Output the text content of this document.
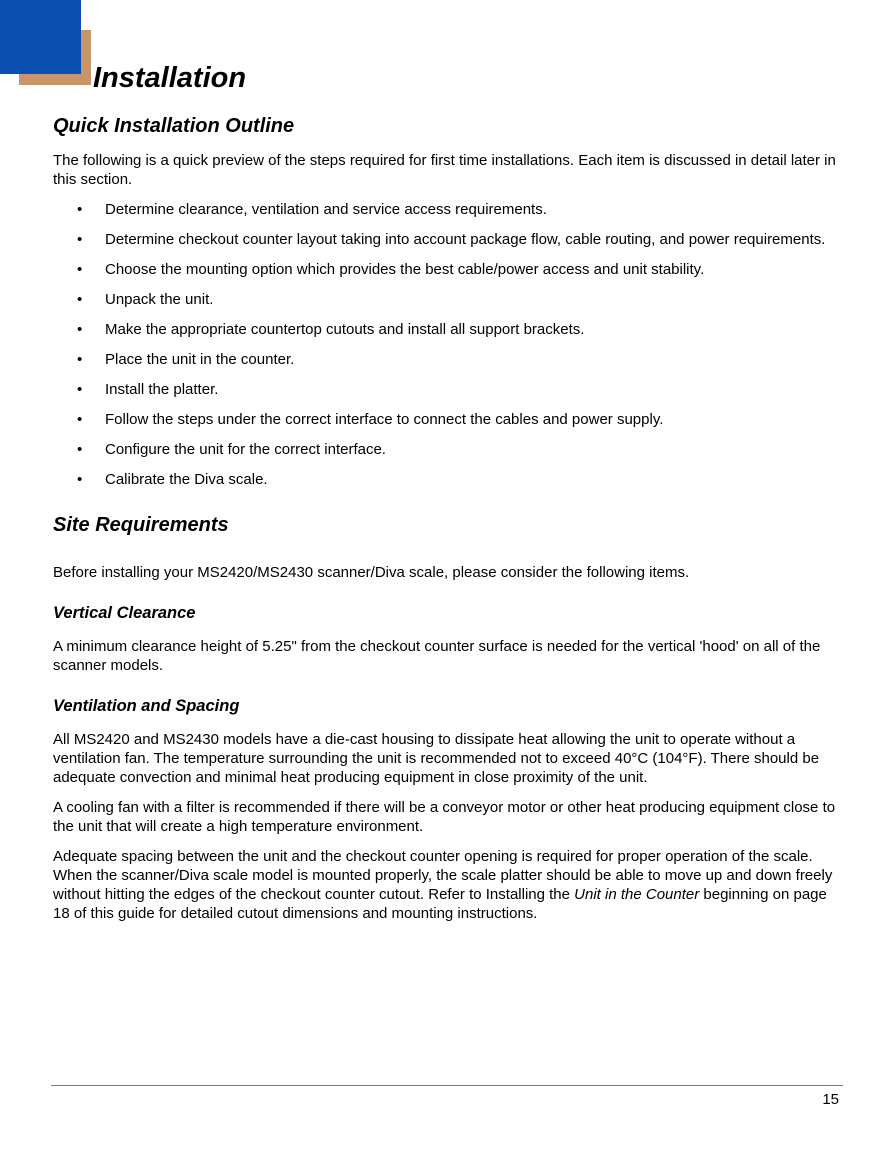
Installation
Quick Installation Outline

The following is a quick preview of the steps required for first time installations. Each item is discussed in detail later in this section.

• Determine clearance, ventilation and service access requirements.
• Determine checkout counter layout taking into account package flow, cable routing, and power requirements.
• Choose the mounting option which provides the best cable/power access and unit stability.
• Unpack the unit.
• Make the appropriate countertop cutouts and install all support brackets.
• Place the unit in the counter.
• Install the platter.
• Follow the steps under the correct interface to connect the cables and power supply.
• Configure the unit for the correct interface.
• Calibrate the Diva scale.
Site Requirements

Before installing your MS2420/MS2430 scanner/Diva scale, please consider the following items.

Vertical Clearance

A minimum clearance height of 5.25" from the checkout counter surface is needed for the vertical 'hood' on all of the scanner models.

Ventilation and Spacing

All MS2420 and MS2430 models have a die-cast housing to dissipate heat allowing the unit to operate without a ventilation fan. The temperature surrounding the unit is recommended not to exceed 40°C (104°F). There should be adequate convection and minimal heat producing equipment in close proximity of the unit.

A cooling fan with a filter is recommended if there will be a conveyor motor or other heat producing equipment close to the unit that will create a high temperature environment.

Adequate spacing between the unit and the checkout counter opening is required for proper operation of the scale. When the scanner/Diva scale model is mounted properly, the scale platter should be able to move up and down freely without hitting the edges of the checkout counter cutout. Refer to Installing the Unit in the Counter beginning on page 18 of this guide for detailed cutout dimensions and mounting instructions.

15
